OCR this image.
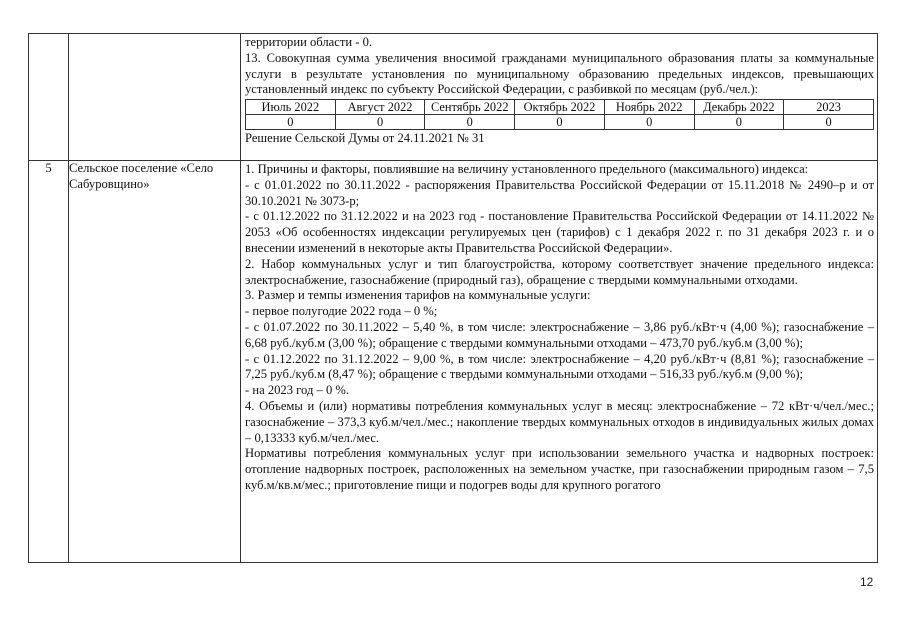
территории области - 0.

13. Совокупная сумма увеличения вносимой гражданами муниципального образования платы за коммунальные услуги в результате установления по муниципальному образованию предельных индексов, превышающих установленный индекс по субъекту Российской Федерации, с разбивкой по месяцам (руб./чел.):

Июль 2022	Август 2022	Сентябрь 2022	Октябрь 2022	Ноябрь 2022	Декабрь 2022	2023
0	0	0	0	0	0	0

Решение Сельской Думы от 24.11.2021 № 31

5	Сельское поселение «Село Сабуровщино»	

1. Причины и факторы, повлиявшие на величину установленного предельного (максимального) индекса:

- с 01.01.2022 по 30.11.2022 - распоряжения Правительства Российской Федерации от 15.11.2018 № 2490–р и от 30.10.2021 № 3073-р;

- с 01.12.2022 по 31.12.2022 и на 2023 год - постановление Правительства Российской Федерации от 14.11.2022 № 2053 «Об особенностях индексации регулируемых цен (тарифов) с 1 декабря 2022 г. по 31 декабря 2023 г. и о внесении изменений в некоторые акты Правительства Российской Федерации».

2. Набор коммунальных услуг и тип благоустройства, которому соответствует значение предельного индекса: электроснабжение, газоснабжение (природный газ), обращение с твердыми коммунальными отходами.

3. Размер и темпы изменения тарифов на коммунальные услуги:

- первое полугодие 2022 года – 0 %;

- с 01.07.2022 по 30.11.2022 – 5,40 %, в том числе: электроснабжение – 3,86 руб./кВт·ч (4,00 %); газоснабжение – 6,68 руб./куб.м (3,00 %); обращение с твердыми коммунальными отходами – 473,70 руб./куб.м (3,00 %);

- с 01.12.2022 по 31.12.2022 – 9,00 %, в том числе: электроснабжение – 4,20 руб./кВт·ч (8,81 %); газоснабжение – 7,25 руб./куб.м (8,47 %); обращение с твердыми коммунальными отходами – 516,33 руб./куб.м (9,00 %);

- на 2023 год – 0 %.

4. Объемы и (или) нормативы потребления коммунальных услуг в месяц: электроснабжение – 72 кВт·ч/чел./мес.; газоснабжение – 373,3 куб.м/чел./мес.; накопление твердых коммунальных отходов в индивидуальных жилых домах – 0,13333 куб.м/чел./мес.

Нормативы потребления коммунальных услуг при использовании земельного участка и надворных построек: отопление надворных построек, расположенных на земельном участке, при газоснабжении природным газом – 7,5 куб.м/кв.м/мес.; приготовление пищи и подогрев воды для крупного рогатого

12
